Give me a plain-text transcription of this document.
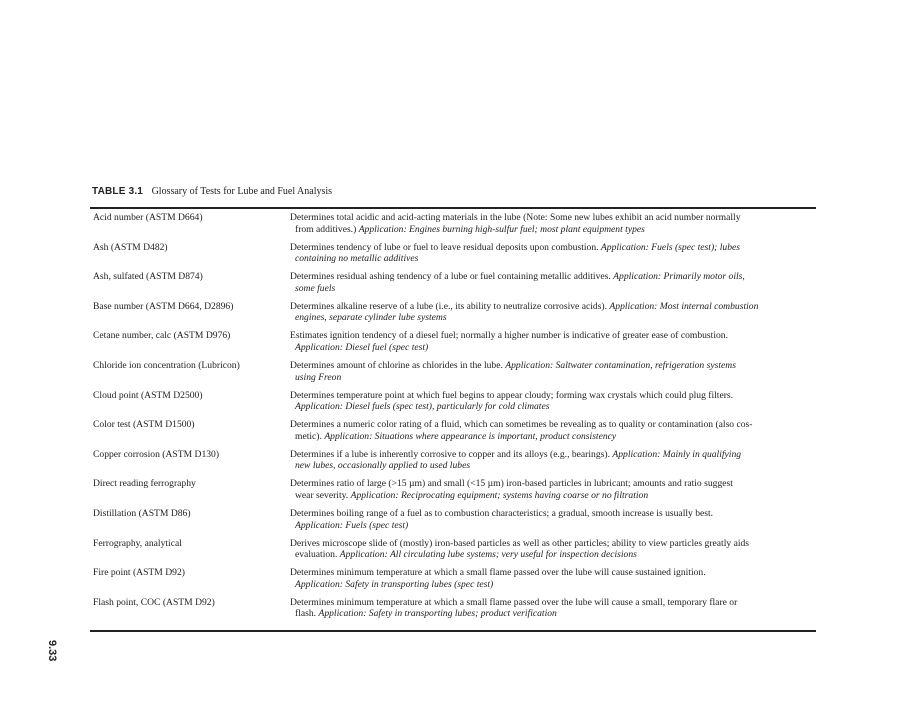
TABLE 3.1 Glossary of Tests for Lube and Fuel Analysis
Acid number (ASTM D664)	Determines total acidic and acid-acting materials in the lube (Note: Some new lubes exhibit an acid number normally
from additives.) Application: Engines burning high-sulfur fuel; most plant equipment types
Ash (ASTM D482)	Determines tendency of lube or fuel to leave residual deposits upon combustion. Application: Fuels (spec test); lubes
containing no metallic additives
Ash, sulfated (ASTM D874)	Determines residual ashing tendency of a lube or fuel containing metallic additives. Application: Primarily motor oils,
some fuels
Base number (ASTM D664, D2896)	Determines alkaline reserve of a lube (i.e., its ability to neutralize corrosive acids). Application: Most internal combustion
engines, separate cylinder lube systems
Cetane number, calc (ASTM D976)	Estimates ignition tendency of a diesel fuel; normally a higher number is indicative of greater ease of combustion.
Application: Diesel fuel (spec test)
Chloride ion concentration (Lubricon)	Determines amount of chlorine as chlorides in the lube. Application: Saltwater contamination, refrigeration systems
using Freon
Cloud point (ASTM D2500)	Determines temperature point at which fuel begins to appear cloudy; forming wax crystals which could plug filters.
Application: Diesel fuels (spec test), particularly for cold climates
Color test (ASTM D1500)	Determines a numeric color rating of a fluid, which can sometimes be revealing as to quality or contamination (also cos-
metic). Application: Situations where appearance is important, product consistency
Copper corrosion (ASTM D130)	Determines if a lube is inherently corrosive to copper and its alloys (e.g., bearings). Application: Mainly in qualifying
new lubes, occasionally applied to used lubes
Direct reading ferrography	Determines ratio of large (>15 µm) and small (<15 µm) iron-based particles in lubricant; amounts and ratio suggest
wear severity. Application: Reciprocating equipment; systems having coarse or no filtration
Distillation (ASTM D86)	Determines boiling range of a fuel as to combustion characteristics; a gradual, smooth increase is usually best.
Application: Fuels (spec test)
Ferrography, analytical	Derives microscope slide of (mostly) iron-based particles as well as other particles; ability to view particles greatly aids
evaluation. Application: All circulating lube systems; very useful for inspection decisions
Fire point (ASTM D92)	Determines minimum temperature at which a small flame passed over the lube will cause sustained ignition.
Application: Safety in transporting lubes (spec test)
Flash point, COC (ASTM D92)	Determines minimum temperature at which a small flame passed over the lube will cause a small, temporary flare or
flash. Application: Safety in transporting lubes; product verification
9.33
